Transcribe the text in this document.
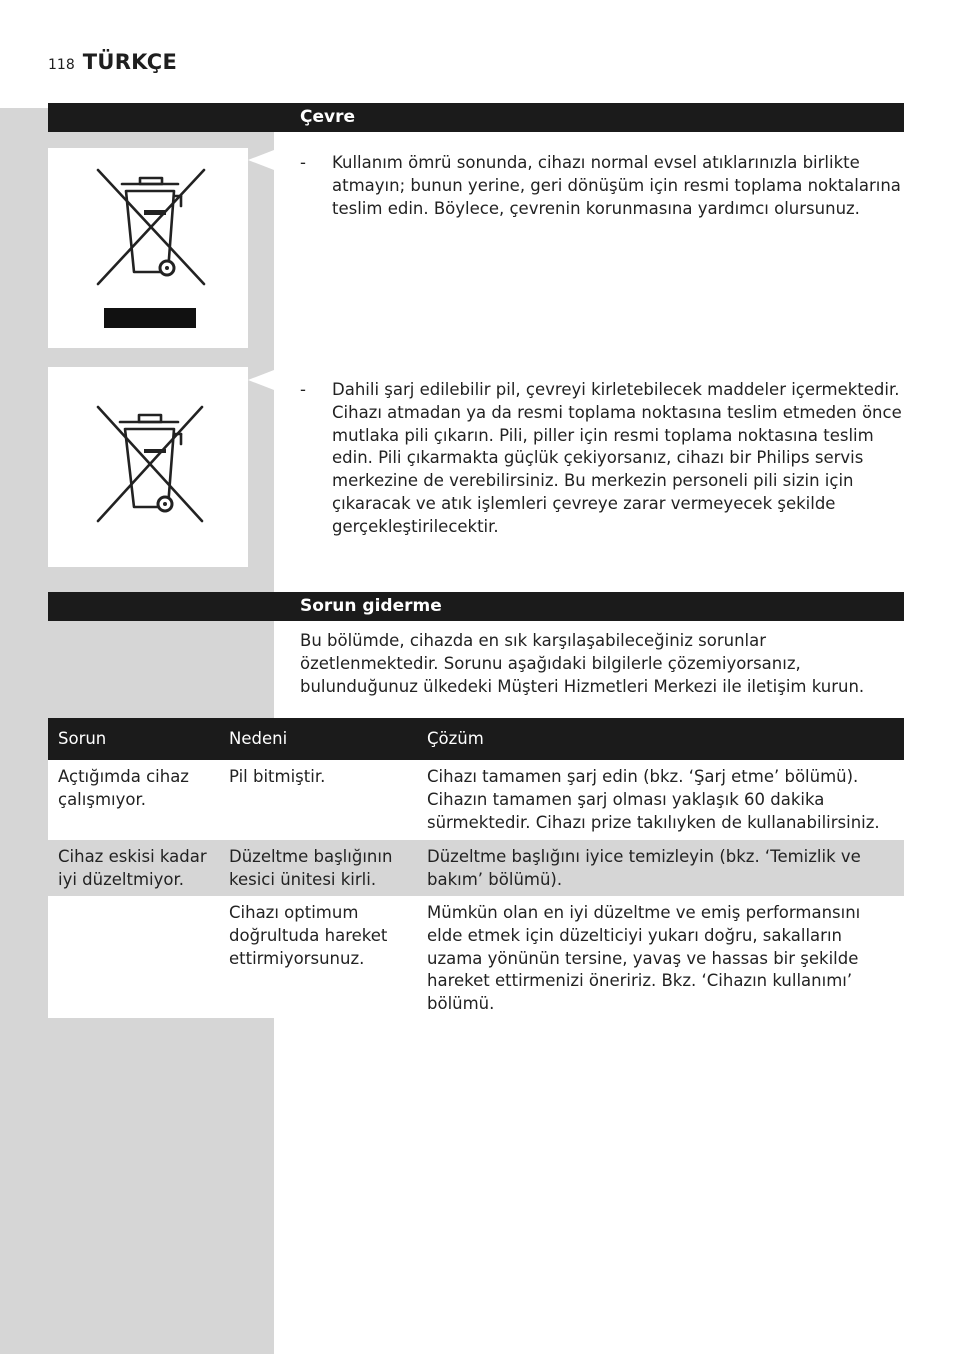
118 TÜRKÇE
Çevre
-	Kullanım ömrü sonunda, cihazı normal evsel atıklarınızla birlikte atmayın; bunun yerine, geri dönüşüm için resmi toplama noktalarına teslim edin. Böylece, çevrenin korunmasına yardımcı olursunuz.
-	Dahili şarj edilebilir pil, çevreyi kirletebilecek maddeler içermektedir. Cihazı atmadan ya da resmi toplama noktasına teslim etmeden önce mutlaka pili çıkarın. Pili, piller için resmi toplama noktasına teslim edin. Pili çıkarmakta güçlük çekiyorsanız, cihazı bir Philips servis merkezine de verebilirsiniz. Bu merkezin personeli pili sizin için çıkaracak ve atık işlemleri çevreye zarar vermeyecek şekilde gerçekleştirilecektir.
Sorun giderme
Bu bölümde, cihazda en sık karşılaşabileceğiniz sorunlar özetlenmektedir. Sorunu aşağıdaki bilgilerle çözemiyorsanız, bulunduğunuz ülkedeki Müşteri Hizmetleri Merkezi ile iletişim kurun.
Sorun	Nedeni	Çözüm
Açtığımda cihaz çalışmıyor.	Pil bitmiştir.	Cihazı tamamen şarj edin (bkz. ‘Şarj etme’ bölümü). Cihazın tamamen şarj olması yaklaşık 60 dakika sürmektedir. Cihazı prize takılıyken de kullanabilirsiniz.
Cihaz eskisi kadar iyi düzeltmiyor.	Düzeltme başlığının kesici ünitesi kirli.	Düzeltme başlığını iyice temizleyin (bkz. ‘Temizlik ve bakım’ bölümü).
	Cihazı optimum doğrultuda hareket ettirmiyorsunuz.	Mümkün olan en iyi düzeltme ve emiş performansını elde etmek için düzelticiyi yukarı doğru, sakalların uzama yönünün tersine, yavaş ve hassas bir şekilde hareket ettirmenizi öneririz. Bkz. ‘Cihazın kullanımı’ bölümü.
